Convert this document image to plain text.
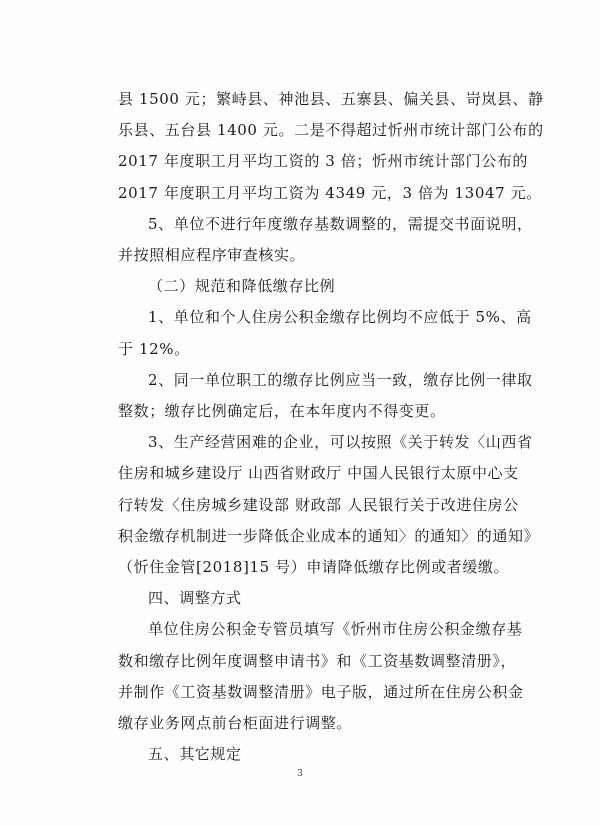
县 1500 元；繁峙县、神池县、五寨县、偏关县、岢岚县、静
乐县、五台县 1400 元。二是不得超过忻州市统计部门公布的
2017 年度职工月平均工资的 3 倍；忻州市统计部门公布的
2017 年度职工月平均工资为 4349 元，3 倍为 13047 元。

5、单位不进行年度缴存基数调整的，需提交书面说明，
并按照相应程序审查核实。

（二）规范和降低缴存比例

1、单位和个人住房公积金缴存比例均不应低于 5%、高
于 12%。

2、同一单位职工的缴存比例应当一致，缴存比例一律取
整数；缴存比例确定后，在本年度内不得变更。

3、生产经营困难的企业，可以按照《关于转发〈山西省
住房和城乡建设厅 山西省财政厅 中国人民银行太原中心支
行转发〈住房城乡建设部 财政部 人民银行关于改进住房公
积金缴存机制进一步降低企业成本的通知〉的通知〉的通知》
（忻住金管[2018]15 号）申请降低缴存比例或者缓缴。

四、调整方式

单位住房公积金专管员填写《忻州市住房公积金缴存基
数和缴存比例年度调整申请书》和《工资基数调整清册》，
并制作《工资基数调整清册》电子版，通过所在住房公积金
缴存业务网点前台柜面进行调整。

五、其它规定

3
